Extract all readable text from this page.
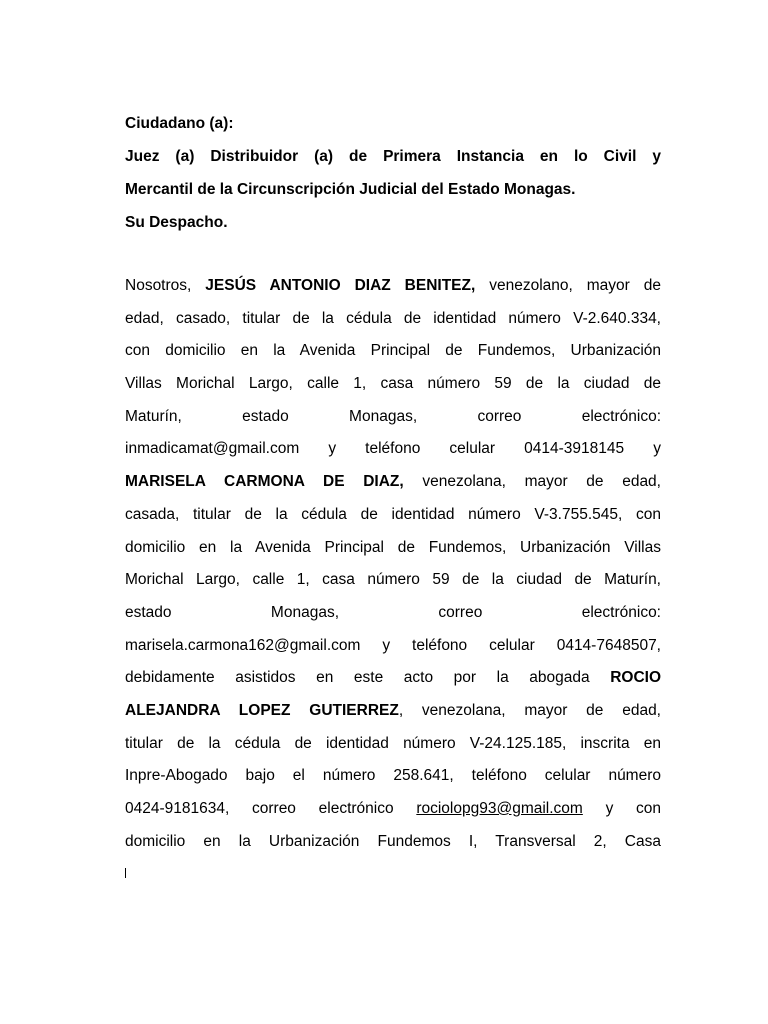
Ciudadano (a):
Juez (a) Distribuidor (a) de Primera Instancia en lo Civil y
Mercantil de la Circunscripción Judicial del Estado Monagas.
Su Despacho.
Nosotros, JESÚS ANTONIO DIAZ BENITEZ, venezolano, mayor de
edad, casado, titular de la cédula de identidad número V-2.640.334,
con domicilio en la Avenida Principal de Fundemos, Urbanización
Villas Morichal Largo, calle 1, casa número 59 de la ciudad de
Maturín, estado Monagas, correo electrónico:
inmadicamat@gmail.com y teléfono celular 0414-3918145 y
MARISELA CARMONA DE DIAZ, venezolana, mayor de edad,
casada, titular de la cédula de identidad número V-3.755.545, con
domicilio en la Avenida Principal de Fundemos, Urbanización Villas
Morichal Largo, calle 1, casa número 59 de la ciudad de Maturín,
estado Monagas, correo electrónico:
marisela.carmona162@gmail.com y teléfono celular 0414-7648507,
debidamente asistidos en este acto por la abogada ROCIO
ALEJANDRA LOPEZ GUTIERREZ, venezolana, mayor de edad,
titular de la cédula de identidad número V-24.125.185, inscrita en
Inpre-Abogado bajo el número 258.641, teléfono celular número
0424-9181634, correo electrónico rociolopg93@gmail.com y con
domicilio en la Urbanización Fundemos I, Transversal 2, Casa
